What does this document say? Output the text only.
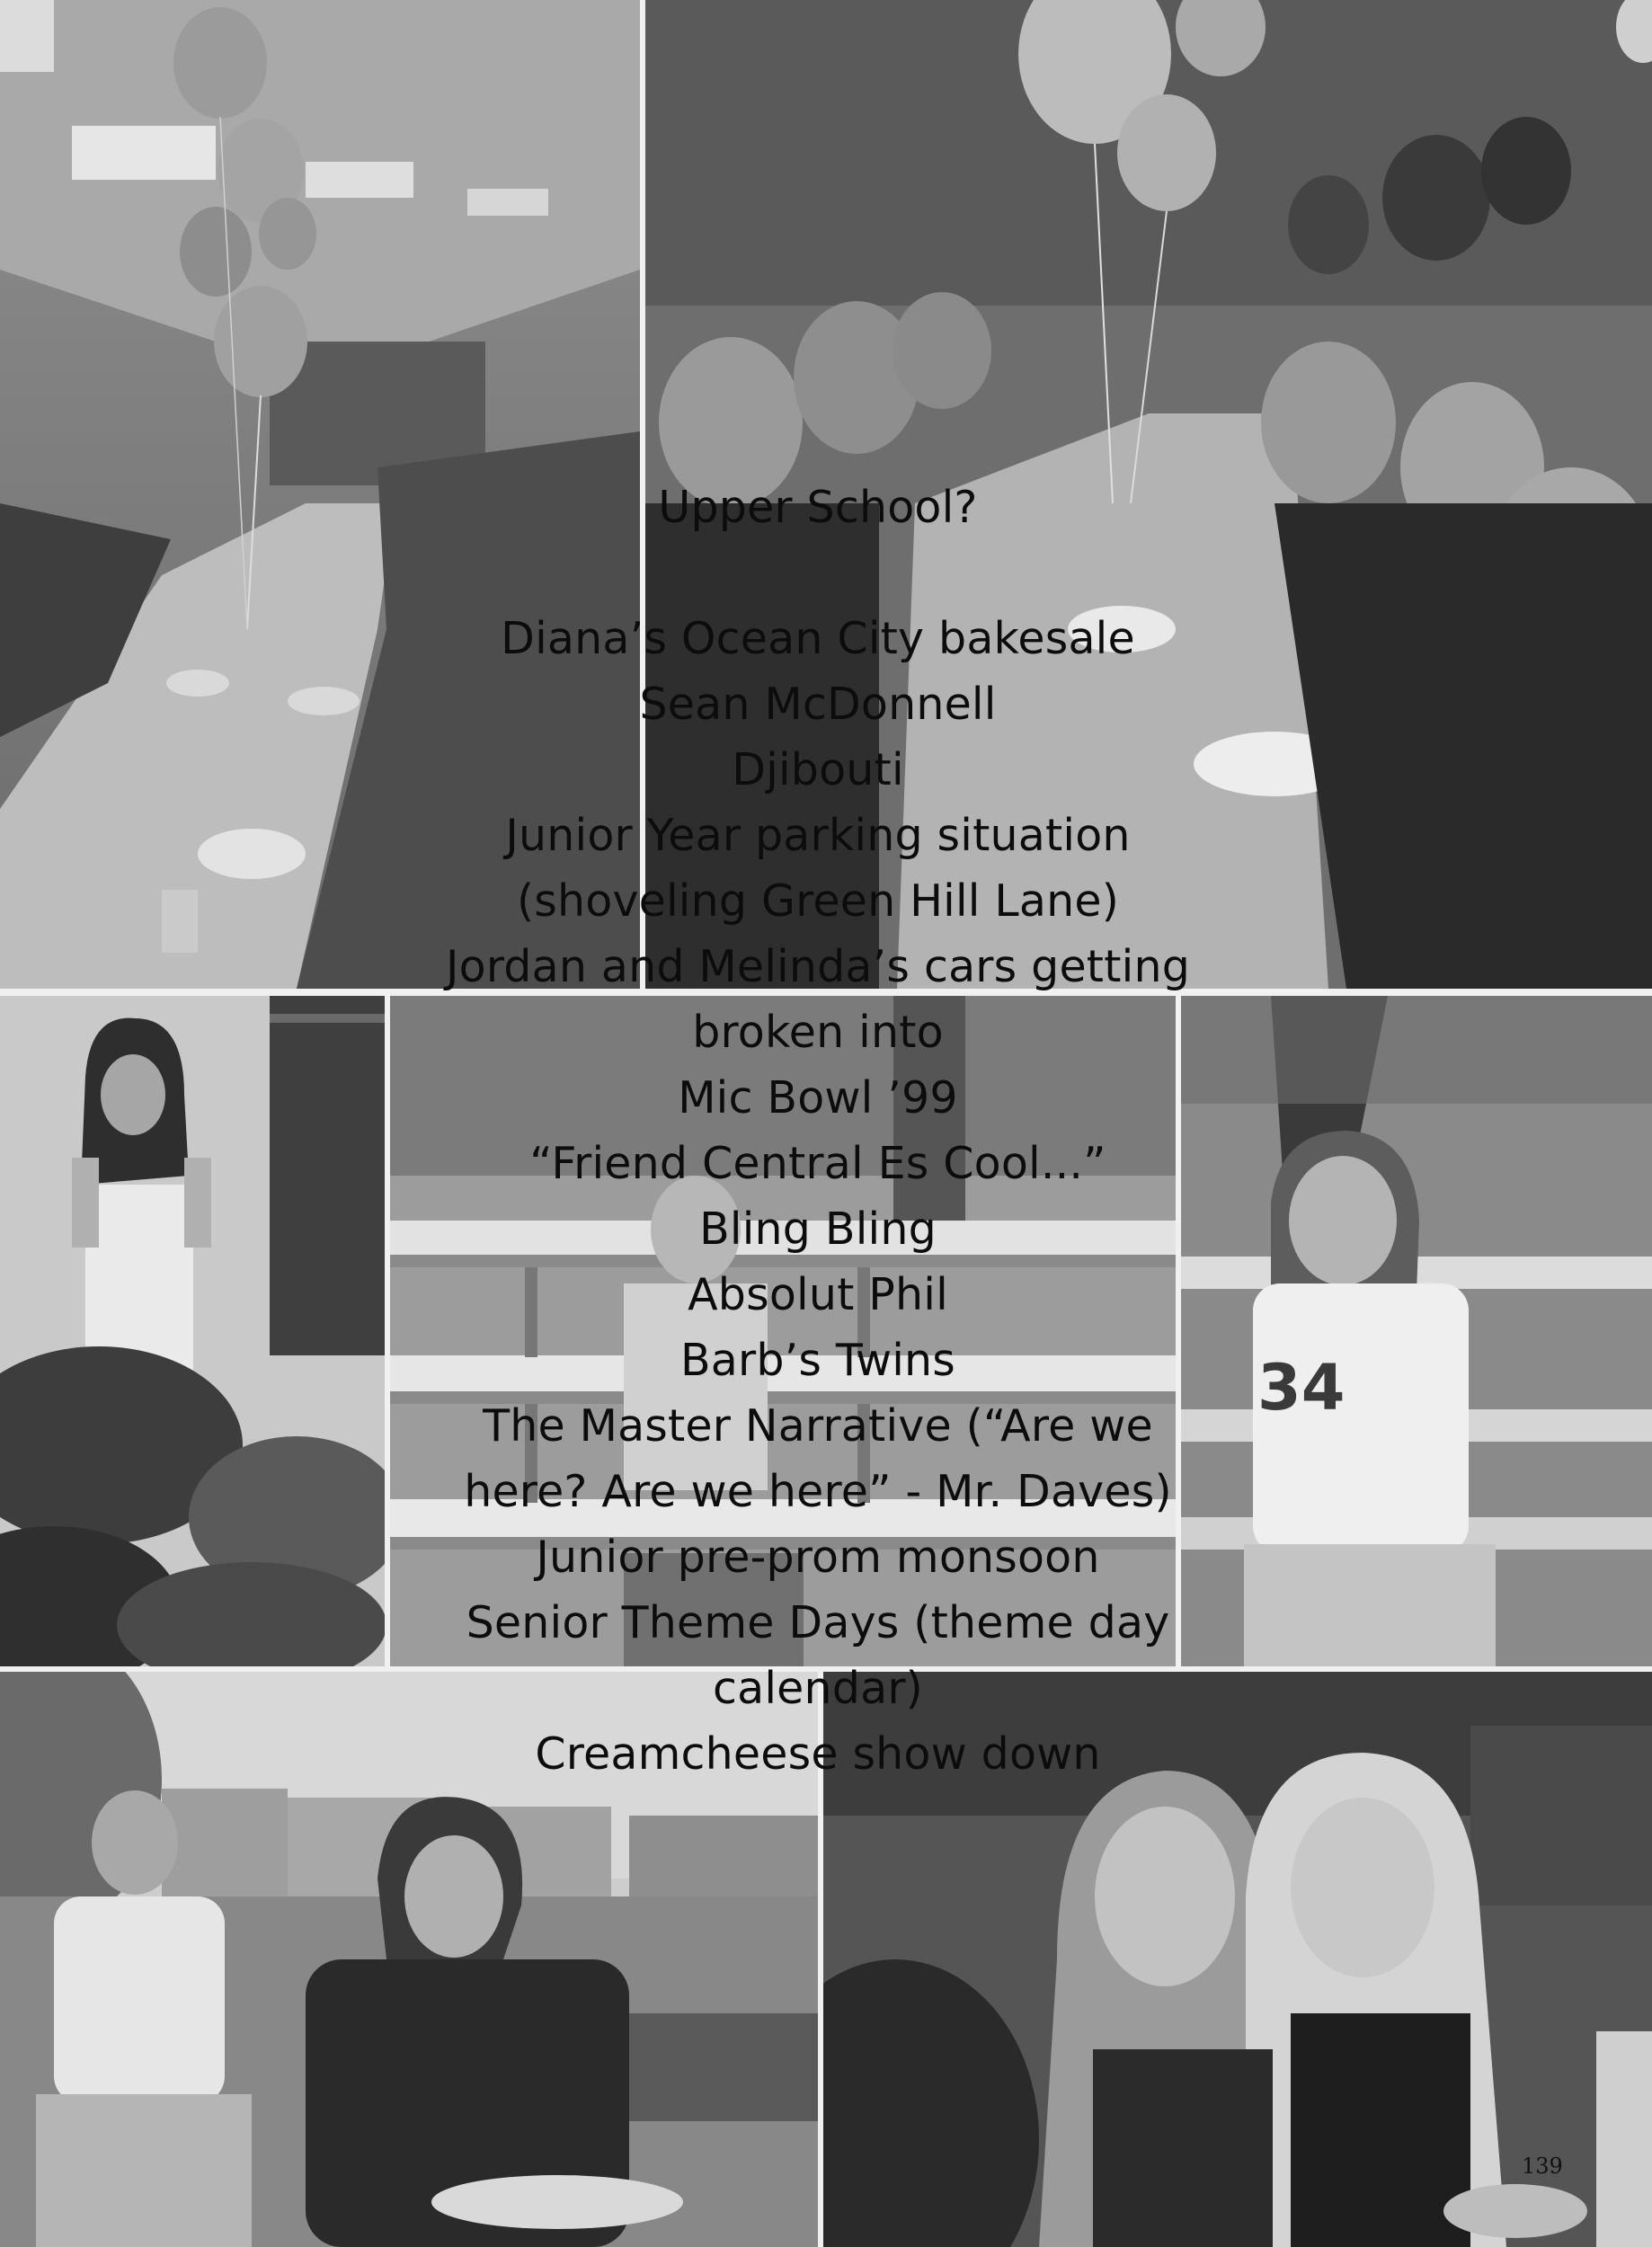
34
Upper School?
Diana’s Ocean City bakesale
Sean McDonnell
Djibouti
Junior Year parking situation
(shoveling Green Hill Lane)
Jordan and Melinda’s cars getting
broken into
Mic Bowl ’99
“Friend Central Es Cool...”
Bling Bling
Absolut Phil
Barb’s Twins
The Master Narrative (“Are we
here? Are we here” - Mr. Daves)
Junior pre-prom monsoon
Senior Theme Days (theme day
calendar)
Creamcheese show down
139
